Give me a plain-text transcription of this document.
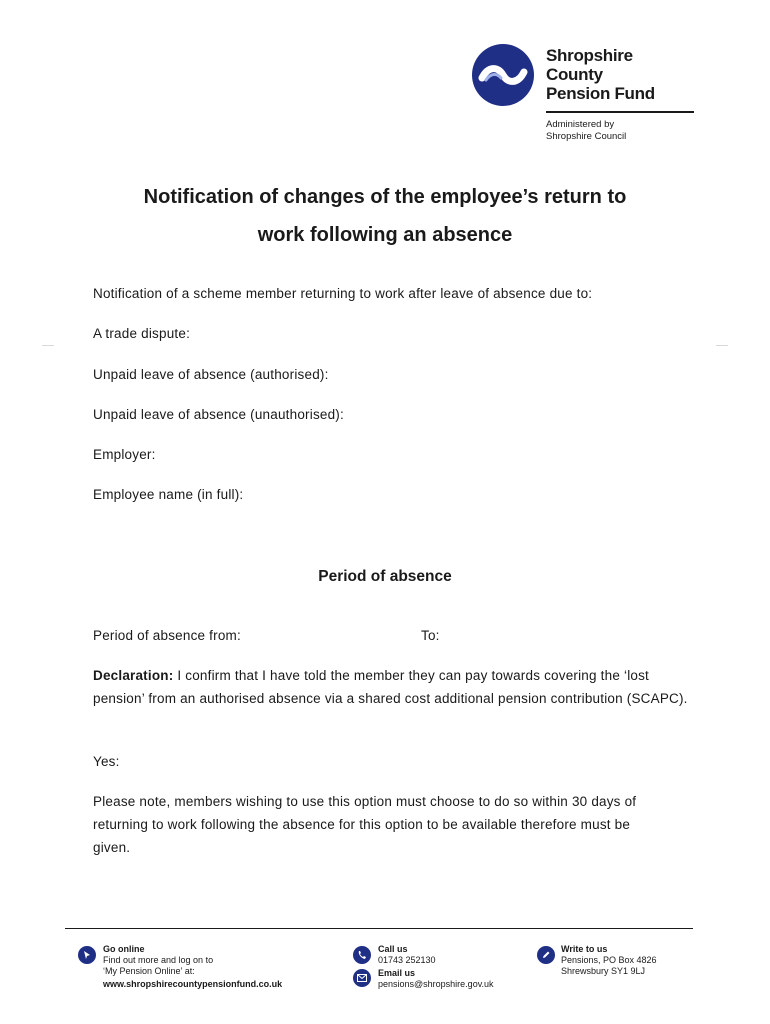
Shropshire
County
Pension Fund
Administered by
Shropshire Council
Notification of changes of the employee’s return to
work following an absence
Notification of a scheme member returning to work after leave of absence due to:
A trade dispute:
Unpaid leave of absence (authorised):
Unpaid leave of absence (unauthorised):
Employer:
Employee name (in full):
Period of absence
Period of absence from:	To:
Declaration: I confirm that I have told the member they can pay towards covering the ‘lost pension’ from an authorised absence via a shared cost additional pension contribution (SCAPC).
Yes:
Please note, members wishing to use this option must choose to do so within 30 days of returning to work following the absence for this option to be available therefore must be given.
Go online
Find out more and log on to
‘My Pension Online’ at:
www.shropshirecountypensionfund.co.uk
Call us
01743 252130
Email us
pensions@shropshire.gov.uk
Write to us
Pensions, PO Box 4826
Shrewsbury SY1 9LJ
